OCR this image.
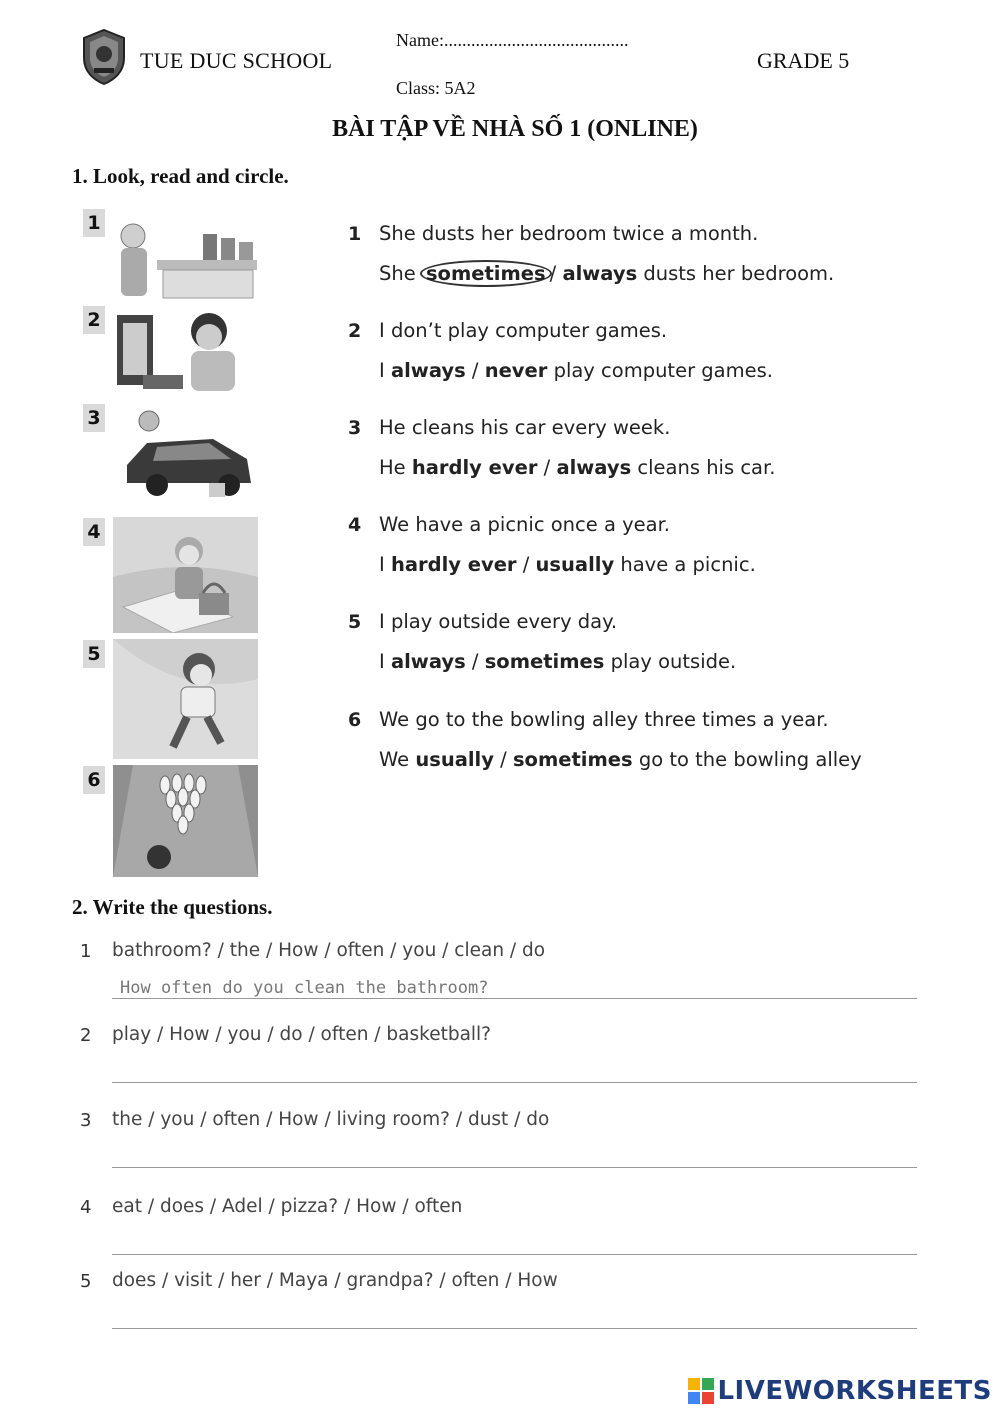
TUE DUC SCHOOL
Name:.........................................
Class: 5A2
GRADE 5
BÀI TẬP VỀ NHÀ SỐ 1 (ONLINE)
1. Look, read and circle.
1
2
3
4
5
6
1 She dusts her bedroom twice a month.
She sometimes / always dusts her bedroom.
2 I don’t play computer games.
I always / never play computer games.
3 He cleans his car every week.
He hardly ever / always cleans his car.
4 We have a picnic once a year.
I hardly ever / usually have a picnic.
5 I play outside every day.
I always / sometimes play outside.
6 We go to the bowling alley three times a year.
We usually / sometimes go to the bowling alley
2. Write the questions.
1 bathroom? / the / How / often / you / clean / do
How often do you clean the bathroom?
2 play / How / you / do / often / basketball?
3 the / you / often / How / living room? / dust / do
4 eat / does / Adel / pizza? / How / often
5 does / visit / her / Maya / grandpa? / often / How
LIVEWORKSHEETS
